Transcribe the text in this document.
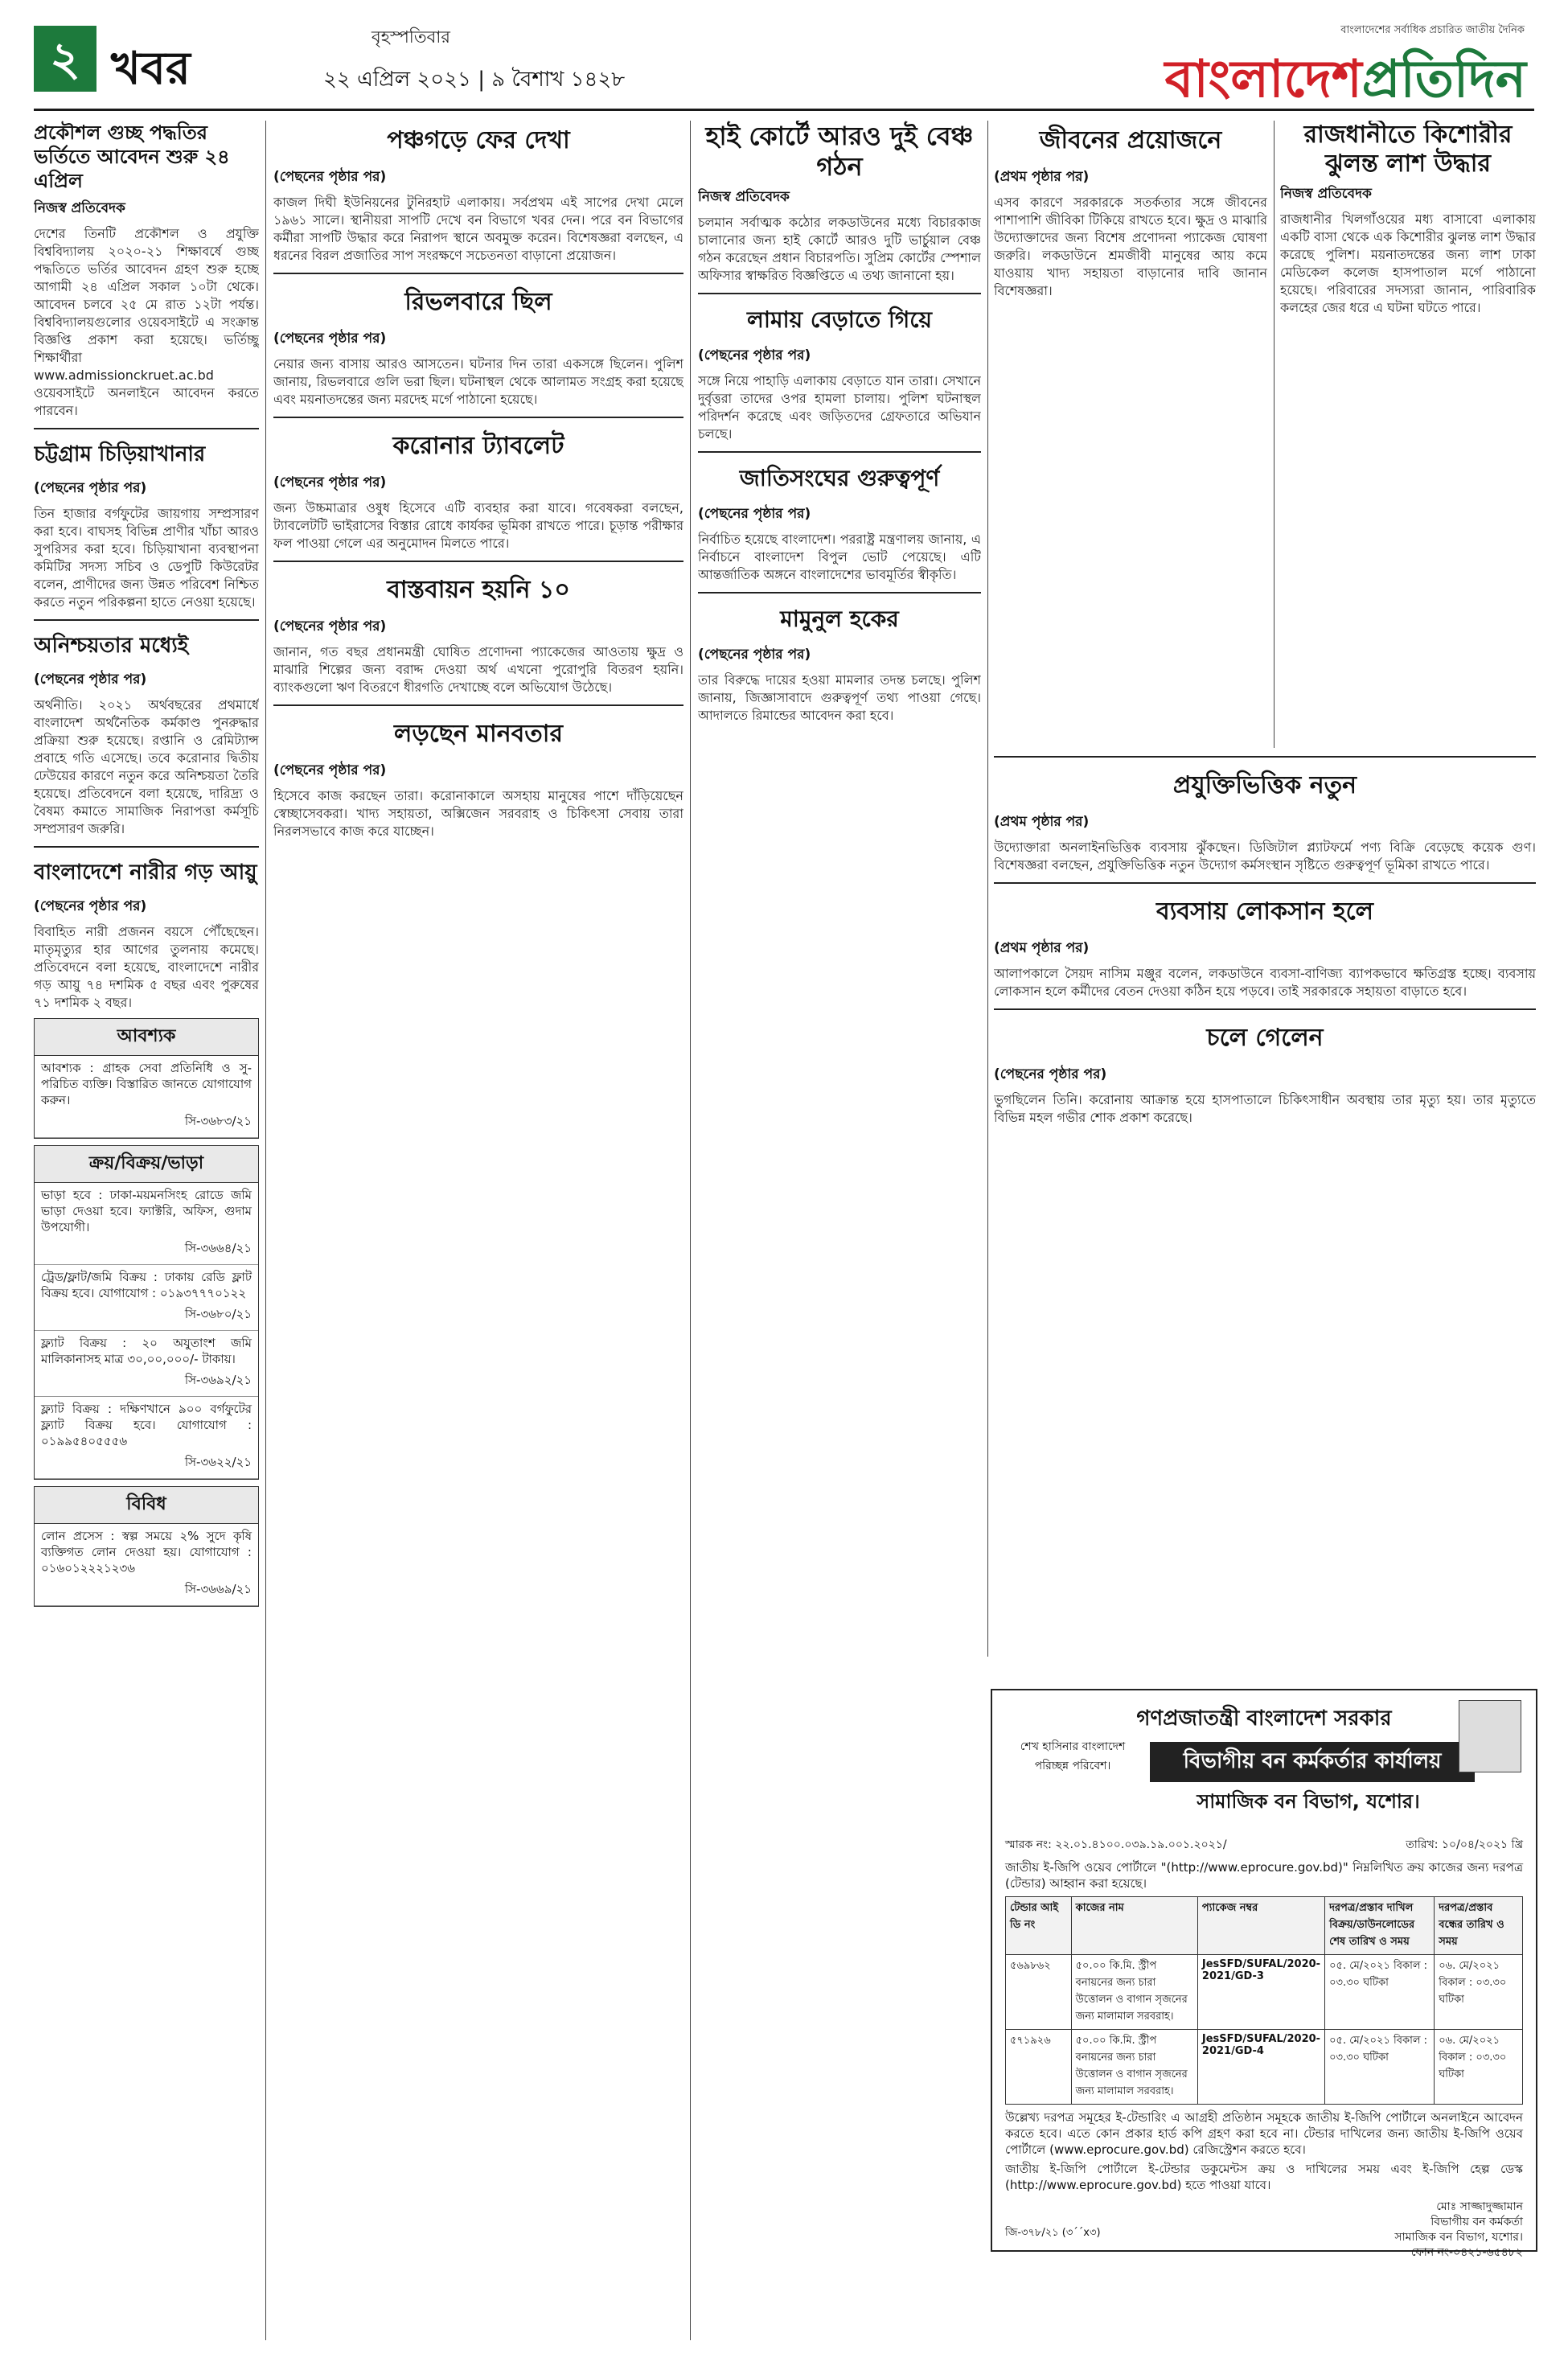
২ খবর
বৃহস্পতিবার
২২ এপ্রিল ২০২১ | ৯ বৈশাখ ১৪২৮
বাংলাদেশের সর্বাধিক প্রচারিত জাতীয় দৈনিক
বাংলাদেশপ্রতিদিন
প্রকৌশল গুচ্ছ পদ্ধতির ভর্তিতে আবেদন শুরু ২৪ এপ্রিল
নিজস্ব প্রতিবেদক
দেশের তিনটি প্রকৌশল ও প্রযুক্তি বিশ্ববিদ্যালয় ২০২০-২১ শিক্ষাবর্ষে গুচ্ছ পদ্ধতিতে ভর্তির আবেদন গ্রহণ শুরু হচ্ছে আগামী ২৪ এপ্রিল সকাল ১০টা থেকে। আবেদন চলবে ২৫ মে রাত ১২টা পর্যন্ত। বিশ্ববিদ্যালয়গুলোর ওয়েবসাইটে এ সংক্রান্ত বিজ্ঞপ্তি প্রকাশ করা হয়েছে। ভর্তিচ্ছু শিক্ষার্থীরা www.admissionckruet.ac.bd ওয়েবসাইটে অনলাইনে আবেদন করতে পারবেন।
চট্টগ্রাম চিড়িয়াখানার
(পেছনের পৃষ্ঠার পর)
তিন হাজার বর্গফুটের জায়গায় সম্প্রসারণ করা হবে। বাঘসহ বিভিন্ন প্রাণীর খাঁচা আরও সুপরিসর করা হবে। চিড়িয়াখানা ব্যবস্থাপনা কমিটির সদস্য সচিব ও ডেপুটি কিউরেটর বলেন, প্রাণীদের জন্য উন্নত পরিবেশ নিশ্চিত করতে নতুন পরিকল্পনা হাতে নেওয়া হয়েছে।
অনিশ্চয়তার মধ্যেই
(পেছনের পৃষ্ঠার পর)
অর্থনীতি। ২০২১ অর্থবছরের প্রথমার্ধে বাংলাদেশ অর্থনৈতিক কর্মকাণ্ড পুনরুদ্ধার প্রক্রিয়া শুরু হয়েছে। রপ্তানি ও রেমিট্যান্স প্রবাহে গতি এসেছে। তবে করোনার দ্বিতীয় ঢেউয়ের কারণে নতুন করে অনিশ্চয়তা তৈরি হয়েছে। প্রতিবেদনে বলা হয়েছে, দারিদ্র্য ও বৈষম্য কমাতে সামাজিক নিরাপত্তা কর্মসূচি সম্প্রসারণ জরুরি।
বাংলাদেশে নারীর গড় আয়ু
(পেছনের পৃষ্ঠার পর)
বিবাহিত নারী প্রজনন বয়সে পৌঁছেছেন। মাতৃমৃত্যুর হার আগের তুলনায় কমেছে। প্রতিবেদনে বলা হয়েছে, বাংলাদেশে নারীর গড় আয়ু ৭৪ দশমিক ৫ বছর এবং পুরুষের ৭১ দশমিক ২ বছর।
আবশ্যক
আবশ্যক : গ্রাহক সেবা প্রতিনিধি ও সু-পরিচিত ব্যক্তি। বিস্তারিত জানতে যোগাযোগ করুন।
সি-৩৬৮৩/২১
ক্রয়/বিক্রয়/ভাড়া
ভাড়া হবে : ঢাকা-ময়মনসিংহ রোডে জমি ভাড়া দেওয়া হবে। ফ্যাক্টরি, অফিস, গুদাম উপযোগী।
সি-৩৬৬৪/২১
ট্রেড/ফ্লাট/জমি বিক্রয় : ঢাকায় রেডি ফ্লাট বিক্রয় হবে। যোগাযোগ : ০১৯৩৭৭৭০১২২
সি-৩৬৮০/২১
ফ্ল্যাট বিক্রয় : ২০ অযুতাংশ জমি মালিকানাসহ মাত্র ৩০,০০,০০০/- টাকায়।
সি-৩৬৯২/২১
ফ্ল্যাট বিক্রয় : দক্ষিণখানে ৯০০ বর্গফুটের ফ্ল্যাট বিক্রয় হবে। যোগাযোগ : ০১৯৯৫৪০৫৫৫৬
সি-৩৬২২/২১
বিবিধ
লোন প্রসেস : স্বল্প সময়ে ২% সুদে কৃষি ব্যক্তিগত লোন দেওয়া হয়। যোগাযোগ : ০১৬০১২২২১২৩৬
সি-৩৬৬৯/২১
পঞ্চগড়ে ফের দেখা
(পেছনের পৃষ্ঠার পর)
কাজল দিঘী ইউনিয়নের টুনিরহাট এলাকায়। সর্বপ্রথম এই সাপের দেখা মেলে ১৯৬১ সালে। স্থানীয়রা সাপটি দেখে বন বিভাগে খবর দেন। পরে বন বিভাগের কর্মীরা সাপটি উদ্ধার করে নিরাপদ স্থানে অবমুক্ত করেন। বিশেষজ্ঞরা বলছেন, এ ধরনের বিরল প্রজাতির সাপ সংরক্ষণে সচেতনতা বাড়ানো প্রয়োজন।
রিভলবারে ছিল
(পেছনের পৃষ্ঠার পর)
নেয়ার জন্য বাসায় আরও আসতেন। ঘটনার দিন তারা একসঙ্গে ছিলেন। পুলিশ জানায়, রিভলবারে গুলি ভরা ছিল। ঘটনাস্থল থেকে আলামত সংগ্রহ করা হয়েছে এবং ময়নাতদন্তের জন্য মরদেহ মর্গে পাঠানো হয়েছে।
করোনার ট্যাবলেট
(পেছনের পৃষ্ঠার পর)
জন্য উচ্চমাত্রার ওষুধ হিসেবে এটি ব্যবহার করা যাবে। গবেষকরা বলছেন, ট্যাবলেটটি ভাইরাসের বিস্তার রোধে কার্যকর ভূমিকা রাখতে পারে। চূড়ান্ত পরীক্ষার ফল পাওয়া গেলে এর অনুমোদন মিলতে পারে।
বাস্তবায়ন হয়নি ১০
(পেছনের পৃষ্ঠার পর)
জানান, গত বছর প্রধানমন্ত্রী ঘোষিত প্রণোদনা প্যাকেজের আওতায় ক্ষুদ্র ও মাঝারি শিল্পের জন্য বরাদ্দ দেওয়া অর্থ এখনো পুরোপুরি বিতরণ হয়নি। ব্যাংকগুলো ঋণ বিতরণে ধীরগতি দেখাচ্ছে বলে অভিযোগ উঠেছে।
লড়ছেন মানবতার
(পেছনের পৃষ্ঠার পর)
হিসেবে কাজ করছেন তারা। করোনাকালে অসহায় মানুষের পাশে দাঁড়িয়েছেন স্বেচ্ছাসেবকরা। খাদ্য সহায়তা, অক্সিজেন সরবরাহ ও চিকিৎসা সেবায় তারা নিরলসভাবে কাজ করে যাচ্ছেন।
হাই কোর্টে আরও দুই বেঞ্চ গঠন
নিজস্ব প্রতিবেদক
চলমান সর্বাত্মক কঠোর লকডাউনের মধ্যে বিচারকাজ চালানোর জন্য হাই কোর্টে আরও দুটি ভার্চুয়াল বেঞ্চ গঠন করেছেন প্রধান বিচারপতি। সুপ্রিম কোর্টের স্পেশাল অফিসার স্বাক্ষরিত বিজ্ঞপ্তিতে এ তথ্য জানানো হয়।
লামায় বেড়াতে গিয়ে
(পেছনের পৃষ্ঠার পর)
সঙ্গে নিয়ে পাহাড়ি এলাকায় বেড়াতে যান তারা। সেখানে দুর্বৃত্তরা তাদের ওপর হামলা চালায়। পুলিশ ঘটনাস্থল পরিদর্শন করেছে এবং জড়িতদের গ্রেফতারে অভিযান চলছে।
জাতিসংঘের গুরুত্বপূর্ণ
(পেছনের পৃষ্ঠার পর)
নির্বাচিত হয়েছে বাংলাদেশ। পররাষ্ট্র মন্ত্রণালয় জানায়, এ নির্বাচনে বাংলাদেশ বিপুল ভোট পেয়েছে। এটি আন্তর্জাতিক অঙ্গনে বাংলাদেশের ভাবমূর্তির স্বীকৃতি।
মামুনুল হকের
(পেছনের পৃষ্ঠার পর)
তার বিরুদ্ধে দায়ের হওয়া মামলার তদন্ত চলছে। পুলিশ জানায়, জিজ্ঞাসাবাদে গুরুত্বপূর্ণ তথ্য পাওয়া গেছে। আদালতে রিমান্ডের আবেদন করা হবে।
জীবনের প্রয়োজনে
(প্রথম পৃষ্ঠার পর)
এসব কারণে সরকারকে সতর্কতার সঙ্গে জীবনের পাশাপাশি জীবিকা টিকিয়ে রাখতে হবে। ক্ষুদ্র ও মাঝারি উদ্যোক্তাদের জন্য বিশেষ প্রণোদনা প্যাকেজ ঘোষণা জরুরি। লকডাউনে শ্রমজীবী মানুষের আয় কমে যাওয়ায় খাদ্য সহায়তা বাড়ানোর দাবি জানান বিশেষজ্ঞরা।
রাজধানীতে কিশোরীর ঝুলন্ত লাশ উদ্ধার
নিজস্ব প্রতিবেদক
রাজধানীর খিলগাঁওয়ের মধ্য বাসাবো এলাকায় একটি বাসা থেকে এক কিশোরীর ঝুলন্ত লাশ উদ্ধার করেছে পুলিশ। ময়নাতদন্তের জন্য লাশ ঢাকা মেডিকেল কলেজ হাসপাতাল মর্গে পাঠানো হয়েছে। পরিবারের সদস্যরা জানান, পারিবারিক কলহের জের ধরে এ ঘটনা ঘটতে পারে।
প্রযুক্তিভিত্তিক নতুন
(প্রথম পৃষ্ঠার পর)
উদ্যোক্তারা অনলাইনভিত্তিক ব্যবসায় ঝুঁকছেন। ডিজিটাল প্ল্যাটফর্মে পণ্য বিক্রি বেড়েছে কয়েক গুণ। বিশেষজ্ঞরা বলছেন, প্রযুক্তিভিত্তিক নতুন উদ্যোগ কর্মসংস্থান সৃষ্টিতে গুরুত্বপূর্ণ ভূমিকা রাখতে পারে।
ব্যবসায় লোকসান হলে
(প্রথম পৃষ্ঠার পর)
আলাপকালে সৈয়দ নাসিম মঞ্জুর বলেন, লকডাউনে ব্যবসা-বাণিজ্য ব্যাপকভাবে ক্ষতিগ্রস্ত হচ্ছে। ব্যবসায় লোকসান হলে কর্মীদের বেতন দেওয়া কঠিন হয়ে পড়বে। তাই সরকারকে সহায়তা বাড়াতে হবে।
চলে গেলেন
(পেছনের পৃষ্ঠার পর)
ভুগছিলেন তিনি। করোনায় আক্রান্ত হয়ে হাসপাতালে চিকিৎসাধীন অবস্থায় তার মৃত্যু হয়। তার মৃত্যুতে বিভিন্ন মহল গভীর শোক প্রকাশ করেছে।
শেখ হাসিনার বাংলাদেশ পরিচ্ছন্ন পরিবেশ।
গণপ্রজাতন্ত্রী বাংলাদেশ সরকার
বিভাগীয় বন কর্মকর্তার কার্যালয়
সামাজিক বন বিভাগ, যশোর।
স্মারক নং: ২২.০১.৪১০০.০৩৯.১৯.০০১.২০২১/	তারিখ: ১০/০৪/২০২১ খ্রি
জাতীয় ই-জিপি ওয়েব পোর্টালে "(http://www.eprocure.gov.bd)" নিম্নলিখিত ক্রয় কাজের জন্য দরপত্র (টেন্ডার) আহ্বান করা হয়েছে।
টেন্ডার আই ডি নং	কাজের নাম	প্যাকেজ নম্বর	দরপত্র/প্রস্তাব দাখিল বিক্রয়/ডাউনলোডের শেষ তারিখ ও সময়	দরপত্র/প্রস্তাব বন্ধের তারিখ ও সময়
৫৬৯৮৬২	৫০.০০ কি.মি. স্ট্রীপ বনায়নের জন্য চারা উত্তোলন ও বাগান সৃজনের জন্য মালামাল সরবরাহ।	JesSFD/SUFAL/2020-2021/GD-3	০৫. মে/২০২১ বিকাল : ০৩.৩০ ঘটিকা	০৬. মে/২০২১ বিকাল : ০৩.৩০ ঘটিকা
৫৭১৯২৬	৫০.০০ কি.মি. স্ট্রীপ বনায়নের জন্য চারা উত্তোলন ও বাগান সৃজনের জন্য মালামাল সরবরাহ।	JesSFD/SUFAL/2020-2021/GD-4	০৫. মে/২০২১ বিকাল : ০৩.৩০ ঘটিকা	০৬. মে/২০২১ বিকাল : ০৩.৩০ ঘটিকা
উল্লেখ্য দরপত্র সমূহের ই-টেন্ডারিং এ আগ্রহী প্রতিষ্ঠান সমূহকে জাতীয় ই-জিপি পোর্টালে অনলাইনে আবেদন করতে হবে। এতে কোন প্রকার হার্ড কপি গ্রহণ করা হবে না। টেন্ডার দাখিলের জন্য জাতীয় ই-জিপি ওয়েব পোর্টালে (www.eprocure.gov.bd) রেজিস্ট্রেশন করতে হবে।
জাতীয় ই-জিপি পোর্টালে ই-টেন্ডার ডকুমেন্টস ক্রয় ও দাখিলের সময় এবং ই-জিপি হেল্প ডেস্ক (http://www.eprocure.gov.bd) হতে পাওয়া যাবে।
মোঃ সাজ্জাদুজ্জামান
বিভাগীয় বন কর্মকর্তা
সামাজিক বন বিভাগ, যশোর।
ফোন নং-০৪২১-৬৫৪৮২
জি-৩৭৮/২১ (৩´´x৩)
